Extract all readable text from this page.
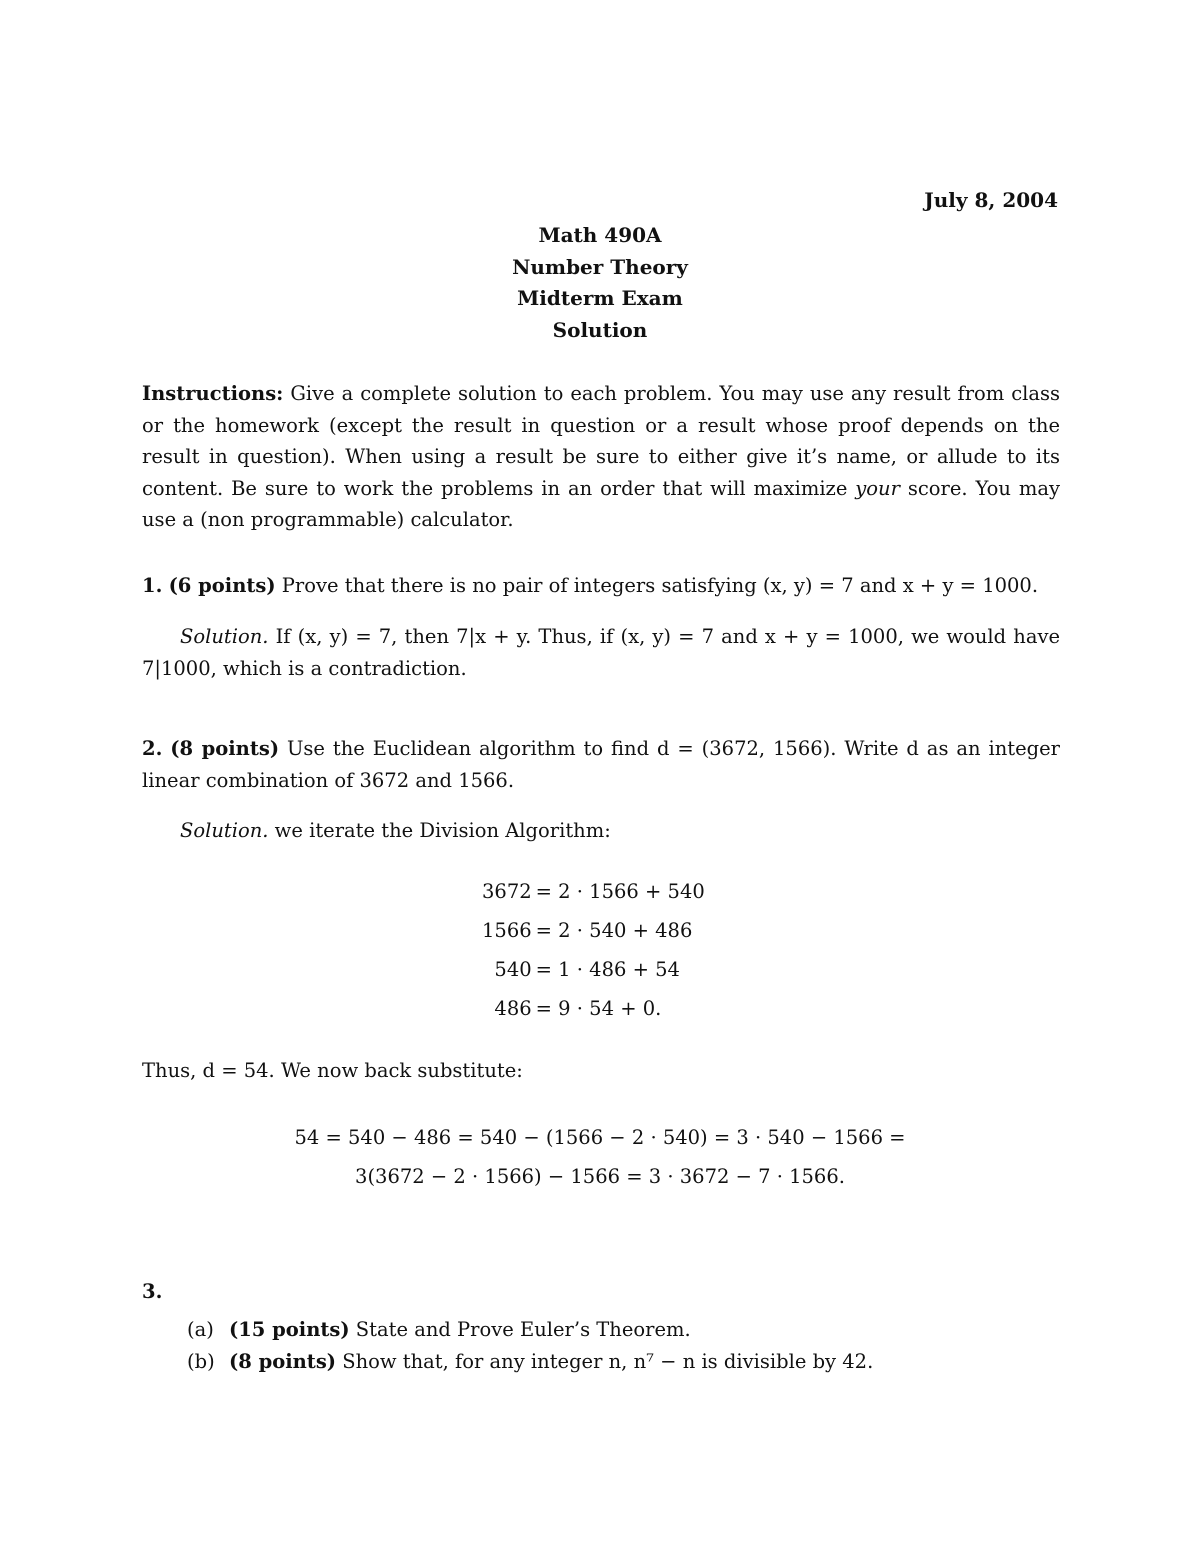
July 8, 2004
Math 490A
Number Theory
Midterm Exam
Solution
Instructions: Give a complete solution to each problem. You may use any result from class or the homework (except the result in question or a result whose proof depends on the result in question). When using a result be sure to either give it’s name, or allude to its content. Be sure to work the problems in an order that will maximize your score. You may use a (non programmable) calculator.
1. (6 points) Prove that there is no pair of integers satisfying (x, y) = 7 and x + y = 1000.
Solution. If (x, y) = 7, then 7|x + y. Thus, if (x, y) = 7 and x + y = 1000, we would have 7|1000, which is a contradiction.
2. (8 points) Use the Euclidean algorithm to find d = (3672, 1566). Write d as an integer linear combination of 3672 and 1566.
Solution. we iterate the Division Algorithm:
3672	= 2 · 1566 + 540
1566	= 2 · 540 + 486
540	= 1 · 486 + 54
486	= 9 · 54 + 0.
Thus, d = 54. We now back substitute:
54 = 540 − 486 = 540 − (1566 − 2 · 540) = 3 · 540 − 1566 =
3(3672 − 2 · 1566) − 1566 = 3 · 3672 − 7 · 1566.
3.
(a) (15 points) State and Prove Euler’s Theorem.
(b) (8 points) Show that, for any integer n, n⁷ − n is divisible by 42.
